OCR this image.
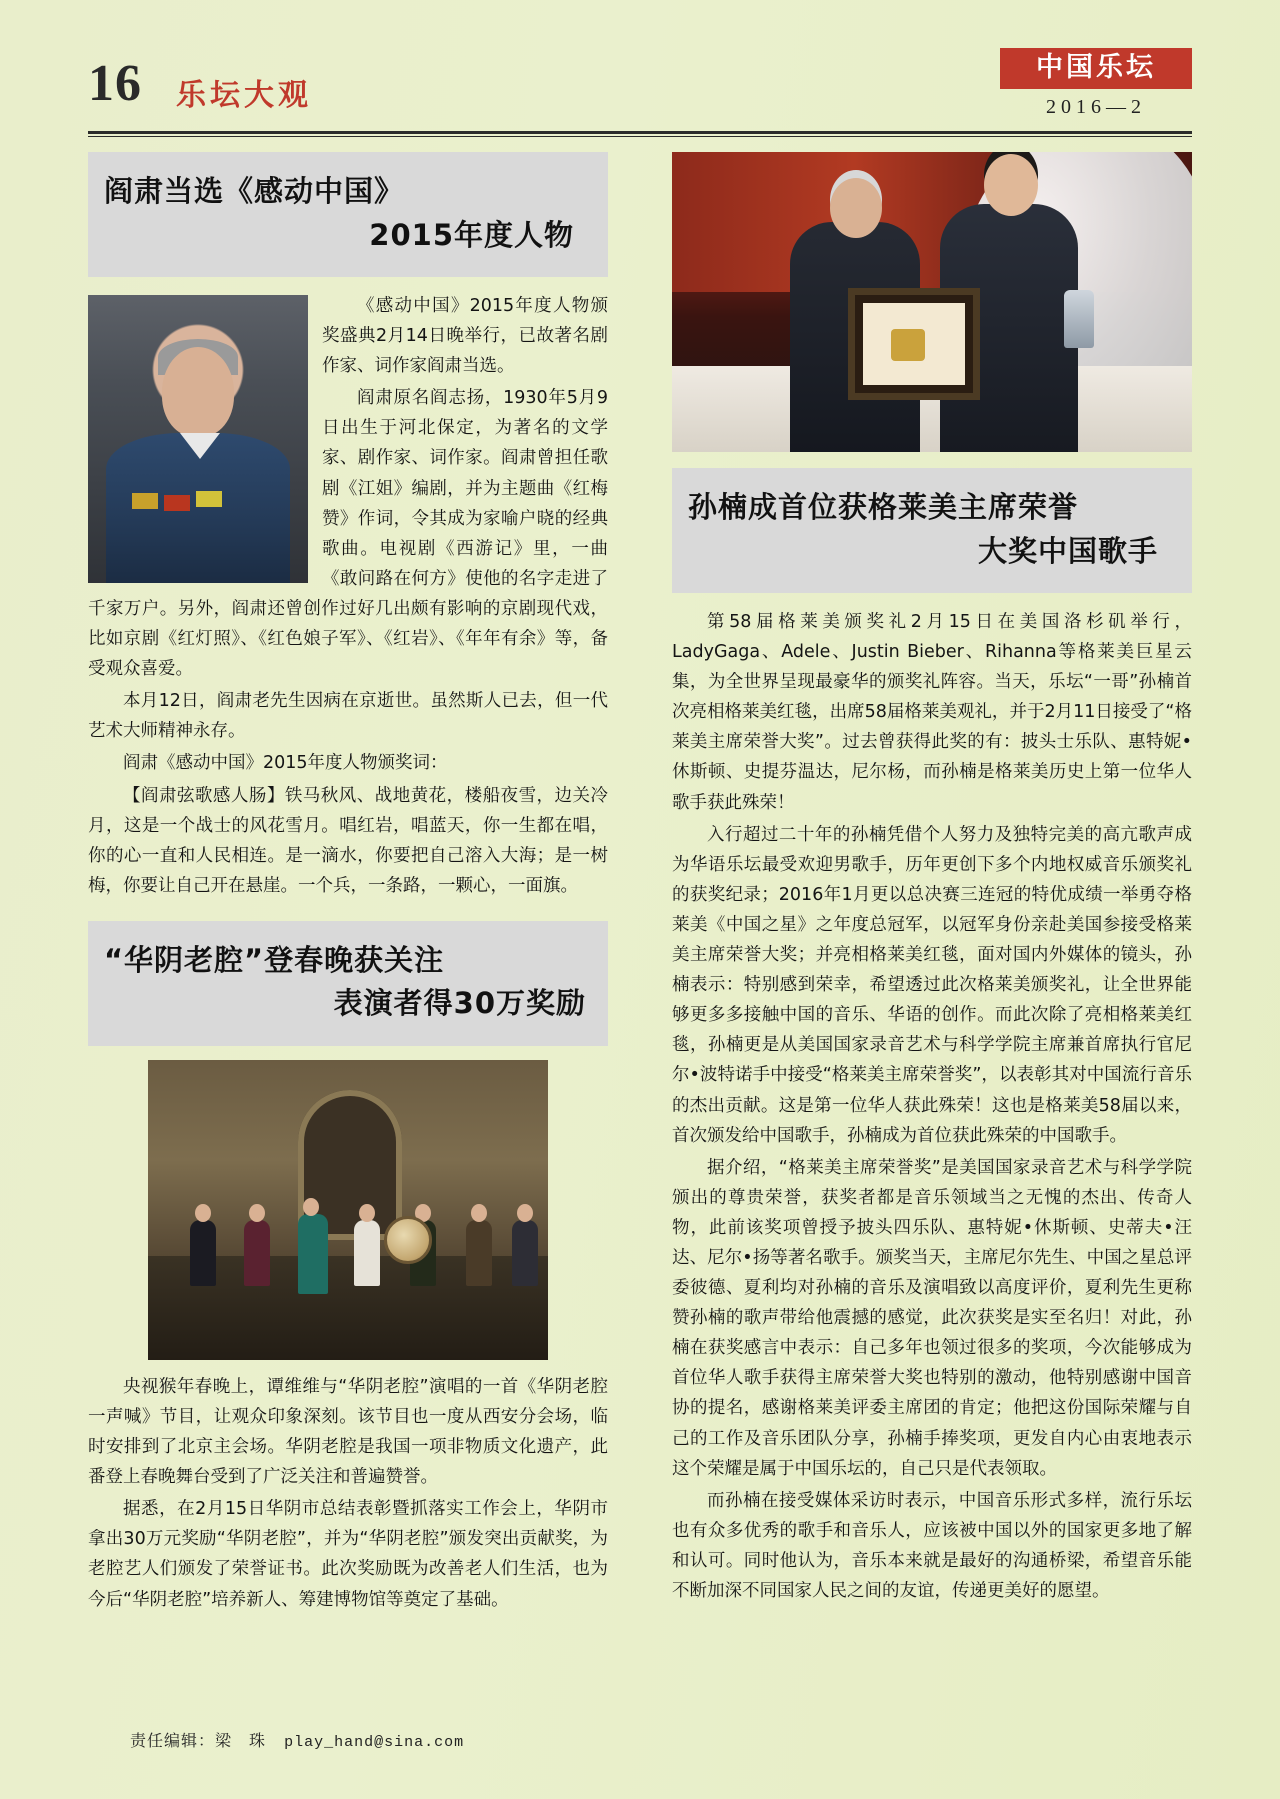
16 乐坛大观
中国乐坛
2016—2
阎肃当选《感动中国》
2015年度人物

《感动中国》2015年度人物颁奖盛典2月14日晚举行，已故著名剧作家、词作家阎肃当选。

阎肃原名阎志扬，1930年5月9日出生于河北保定，为著名的文学家、剧作家、词作家。阎肃曾担任歌剧《江姐》编剧，并为主题曲《红梅赞》作词，令其成为家喻户晓的经典歌曲。电视剧《西游记》里，一曲《敢问路在何方》使他的名字走进了千家万户。另外，阎肃还曾创作过好几出颇有影响的京剧现代戏，比如京剧《红灯照》、《红色娘子军》、《红岩》、《年年有余》等，备受观众喜爱。

本月12日，阎肃老先生因病在京逝世。虽然斯人已去，但一代艺术大师精神永存。

阎肃《感动中国》2015年度人物颁奖词：

【阎肃弦歌感人肠】铁马秋风、战地黄花，楼船夜雪，边关冷月，这是一个战士的风花雪月。唱红岩，唱蓝天，你一生都在唱，你的心一直和人民相连。是一滴水，你要把自己溶入大海；是一树梅，你要让自己开在悬崖。一个兵，一条路，一颗心，一面旗。

“华阴老腔”登春晚获关注
表演者得30万奖励

央视猴年春晚上，谭维维与“华阴老腔”演唱的一首《华阴老腔一声喊》节目，让观众印象深刻。该节目也一度从西安分会场，临时安排到了北京主会场。华阴老腔是我国一项非物质文化遗产，此番登上春晚舞台受到了广泛关注和普遍赞誉。

据悉，在2月15日华阴市总结表彰暨抓落实工作会上，华阴市拿出30万元奖励“华阴老腔”，并为“华阴老腔”颁发突出贡献奖，为老腔艺人们颁发了荣誉证书。此次奖励既为改善老人们生活，也为今后“华阴老腔”培养新人、筹建博物馆等奠定了基础。

孙楠成首位获格莱美主席荣誉
大奖中国歌手

第58届格莱美颁奖礼2月15日在美国洛杉矶举行，LadyGaga、Adele、Justin Bieber、Rihanna等格莱美巨星云集，为全世界呈现最豪华的颁奖礼阵容。当天，乐坛“一哥”孙楠首次亮相格莱美红毯，出席58届格莱美观礼，并于2月11日接受了“格莱美主席荣誉大奖”。过去曾获得此奖的有：披头士乐队、惠特妮•休斯顿、史提芬温达，尼尔杨，而孙楠是格莱美历史上第一位华人歌手获此殊荣！

入行超过二十年的孙楠凭借个人努力及独特完美的高亢歌声成为华语乐坛最受欢迎男歌手，历年更创下多个内地权威音乐颁奖礼的获奖纪录；2016年1月更以总决赛三连冠的特优成绩一举勇夺格莱美《中国之星》之年度总冠军，以冠军身份亲赴美国参接受格莱美主席荣誉大奖；并亮相格莱美红毯，面对国内外媒体的镜头，孙楠表示：特别感到荣幸，希望透过此次格莱美颁奖礼，让全世界能够更多多接触中国的音乐、华语的创作。而此次除了亮相格莱美红毯，孙楠更是从美国国家录音艺术与科学学院主席兼首席执行官尼尔•波特诺手中接受“格莱美主席荣誉奖”，以表彰其对中国流行音乐的杰出贡献。这是第一位华人获此殊荣！这也是格莱美58届以来，首次颁发给中国歌手，孙楠成为首位获此殊荣的中国歌手。

据介绍，“格莱美主席荣誉奖”是美国国家录音艺术与科学学院颁出的尊贵荣誉，获奖者都是音乐领域当之无愧的杰出、传奇人物，此前该奖项曾授予披头四乐队、惠特妮•休斯顿、史蒂夫•汪达、尼尔•扬等著名歌手。颁奖当天，主席尼尔先生、中国之星总评委彼德、夏利均对孙楠的音乐及演唱致以高度评价，夏利先生更称赞孙楠的歌声带给他震撼的感觉，此次获奖是实至名归！对此，孙楠在获奖感言中表示：自己多年也领过很多的奖项，今次能够成为首位华人歌手获得主席荣誉大奖也特别的激动，他特别感谢中国音协的提名，感谢格莱美评委主席团的肯定；他把这份国际荣耀与自己的工作及音乐团队分享，孙楠手捧奖项，更发自内心由衷地表示这个荣耀是属于中国乐坛的，自己只是代表领取。

而孙楠在接受媒体采访时表示，中国音乐形式多样，流行乐坛也有众多优秀的歌手和音乐人，应该被中国以外的国家更多地了解和认可。同时他认为，音乐本来就是最好的沟通桥梁，希望音乐能不断加深不同国家人民之间的友谊，传递更美好的愿望。

责任编辑：梁　珠 play_hand@sina.com
